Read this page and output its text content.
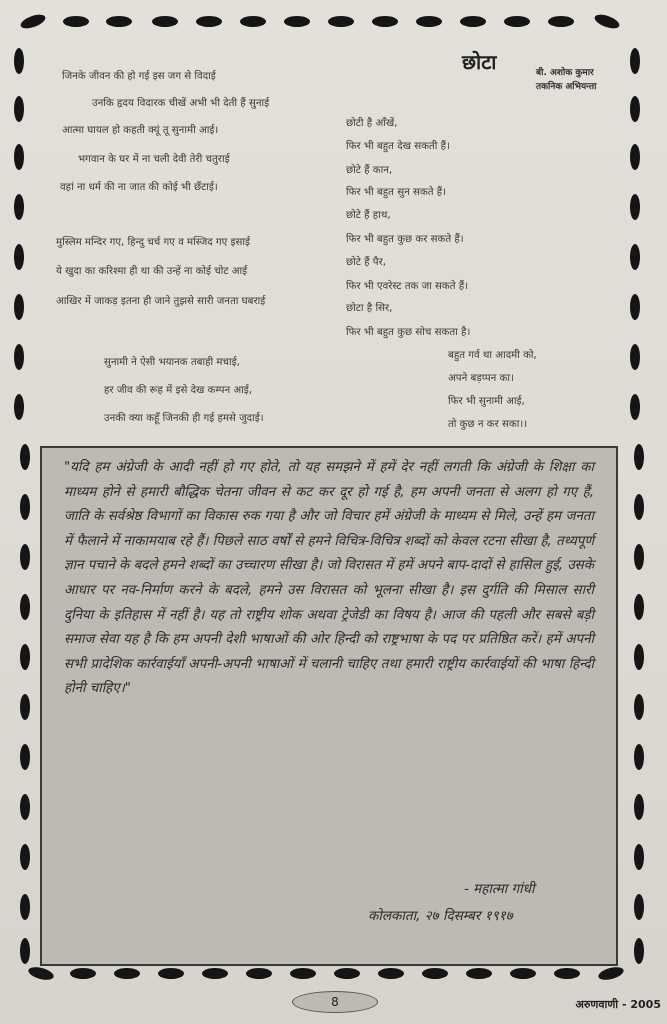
जिनके जीवन की हो गई इस जग से विदाई
उनकि हृदय विदारक चीखें अभी भी देती हैं सुनाई
आत्मा घायल हो कहती क्यूं तू सुनामी आई।
भगवान के घर में ना चली देवी तेरी चतुराई
वहां ना धर्म की ना जात की कोई भी छँटाई।
मुस्लिम मन्दिर गए, हिन्दु चर्च गए व मस्जिद गए इसाई
ये खुदा का करिश्मा ही था की उन्हें ना कोई चोट आई
आखिर में जाकड़ इतना ही जाने तुझसे सारी जनता घबराई
सुनामी ने ऐसी भयानक तबाही मचाई,
हर जीव की रूह में इसे देख कम्पन आई,
उनकी क्या कहूँ जिनकी ही गई हमसे जुदाई।
छोटा	बी. अशोक कुमार
तकनिक अभियन्ता
छोटी है आँखें,
फिर भी बहुत देख सकती हैं।
छोटे हैं कान,
फिर भी बहुत सुन सकते हैं।
छोटे हैं हाथ,
फिर भी बहुत कुछ कर सकते हैं।
छोटे हैं पैर,
फिर भी एवरेस्ट तक जा सकते हैं।
छोटा है सिर,
फिर भी बहुत कुछ सोच सकता है।
बहुत गर्व था आदमी को,
अपने बड़प्पन का।
फिर भी सुनामी आई,
तो कुछ न कर सका।।
"यदि हम अंग्रेजी के आदी नहीं हो गए होते, तो यह समझने में हमें देर नहीं लगती कि अंग्रेजी के शिक्षा का माध्यम होने से हमारी बौद्धिक चेतना जीवन से कट कर दूर हो गई है, हम अपनी जनता से अलग हो गए हैं, जाति के सर्वश्रेष्ठ विभागों का विकास रुक गया है और जो विचार हमें अंग्रेजी के माध्यम से मिले, उन्हें हम जनता में फैलाने में नाकामयाब रहे हैं। पिछले साठ वर्षों से हमने विचित्र-विचित्र शब्दों को केवल रटना सीखा है, तथ्यपूर्ण ज्ञान पचाने के बदले हमने शब्दों का उच्चारण सीखा है। जो विरासत में हमें अपने बाप-दादों से हासिल हुई, उसके आधार पर नव-निर्माण करने के बदले, हमने उस विरासत को भूलना सीखा है। इस दुर्गति की मिसाल सारी दुनिया के इतिहास में नहीं है। यह तो राष्ट्रीय शोक अथवा ट्रेजेडी का विषय है। आज की पहली और सबसे बड़ी समाज सेवा यह है कि हम अपनी देशी भाषाओं की ओर हिन्दी को राष्ट्रभाषा के पद पर प्रतिष्ठित करें। हमें अपनी सभी प्रादेशिक कार्रवाईयाँ अपनी-अपनी भाषाओं में चलानी चाहिए तथा हमारी राष्ट्रीय कार्रवाईयों की भाषा हिन्दी होनी चाहिए।"
- महात्मा गांधी
कोलकाता, २७ दिसम्बर १९१७
8	अरुणवाणी - 2005
